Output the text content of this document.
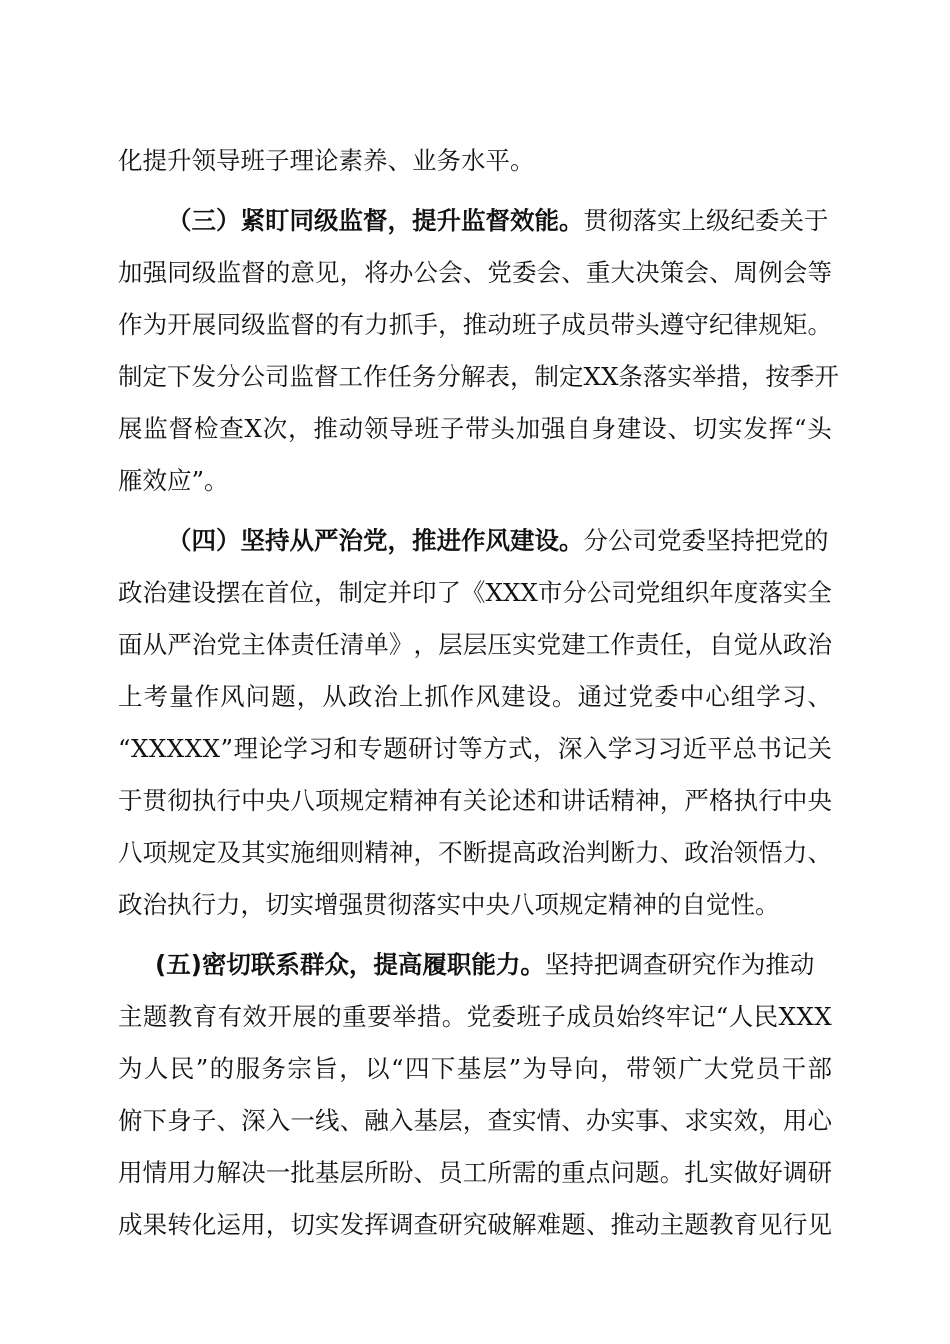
化提升领导班子理论素养、业务水平。
（三）紧盯同级监督，提升监督效能。贯彻落实上级纪委关于
加 强 同 级 监 督 的 意 见 ， 将 办 公 会 、 党 委 会 、 重 大 决 策 会 、 周 例 会 等
作 为 开 展 同 级 监 督 的 有 力 抓 手 ， 推 动 班 子 成 员 带 头 遵 守 纪 律 规 矩 。
制 定 下 发 分 公 司 监 督 工 作 任 务 分 解 表 ， 制 定 X X 条 落 实 举 措 ， 按 季 开
展 监 督 检 查 X 次 ， 推 动 领 导 班 子 带 头 加 强 自 身 建 设 、 切 实 发 挥 “ 头
雁效应”。
（四）坚持从严治党，推进作风建设。分公司党委坚持把党的
政 治 建 设 摆 在 首 位 ， 制 定 并 印 了 《 X X X 市 分 公 司 党 组 织 年 度 落 实 全
面 从 严 治 党 主 体 责 任 清 单 》 ， 层 层 压 实 党 建 工 作 责 任 ， 自 觉 从 政 治
上 考 量 作 风 问 题 ， 从 政 治 上 抓 作 风 建 设 。 通 过 党 委 中 心 组 学 习 、
“ X X X X X ” 理 论 学 习 和 专 题 研 讨 等 方 式 ， 深 入 学 习 习 近 平 总 书 记 关
于 贯 彻 执 行 中 央 八 项 规 定 精 神 有 关 论 述 和 讲 话 精 神 ， 严 格 执 行 中 央
八 项 规 定 及 其 实 施 细 则 精 神 ， 不 断 提 高 政 治 判 断 力 、 政 治 领 悟 力 、
政治执行力，切实增强贯彻落实中央八项规定精神的自觉性。
(五)密切联系群众，提高履职能力。坚持把调查研究作为推动
主 题 教 育 有 效 开 展 的 重 要 举 措 。 党 委 班 子 成 员 始 终 牢 记 “ 人 民 X X X
为 人 民 ” 的 服 务 宗 旨 ， 以 “ 四 下 基 层 ” 为 导 向 ， 带 领 广 大 党 员 干 部
俯 下 身 子 、 深 入 一 线 、 融 入 基 层 ， 查 实 情 、 办 实 事 、 求 实 效 ， 用 心
用 情 用 力 解 决 一 批 基 层 所 盼 、 员 工 所 需 的 重 点 问 题 。 扎 实 做 好 调 研
成 果 转 化 运 用 ， 切 实 发 挥 调 查 研 究 破 解 难 题 、 推 动 主 题 教 育 见 行 见
